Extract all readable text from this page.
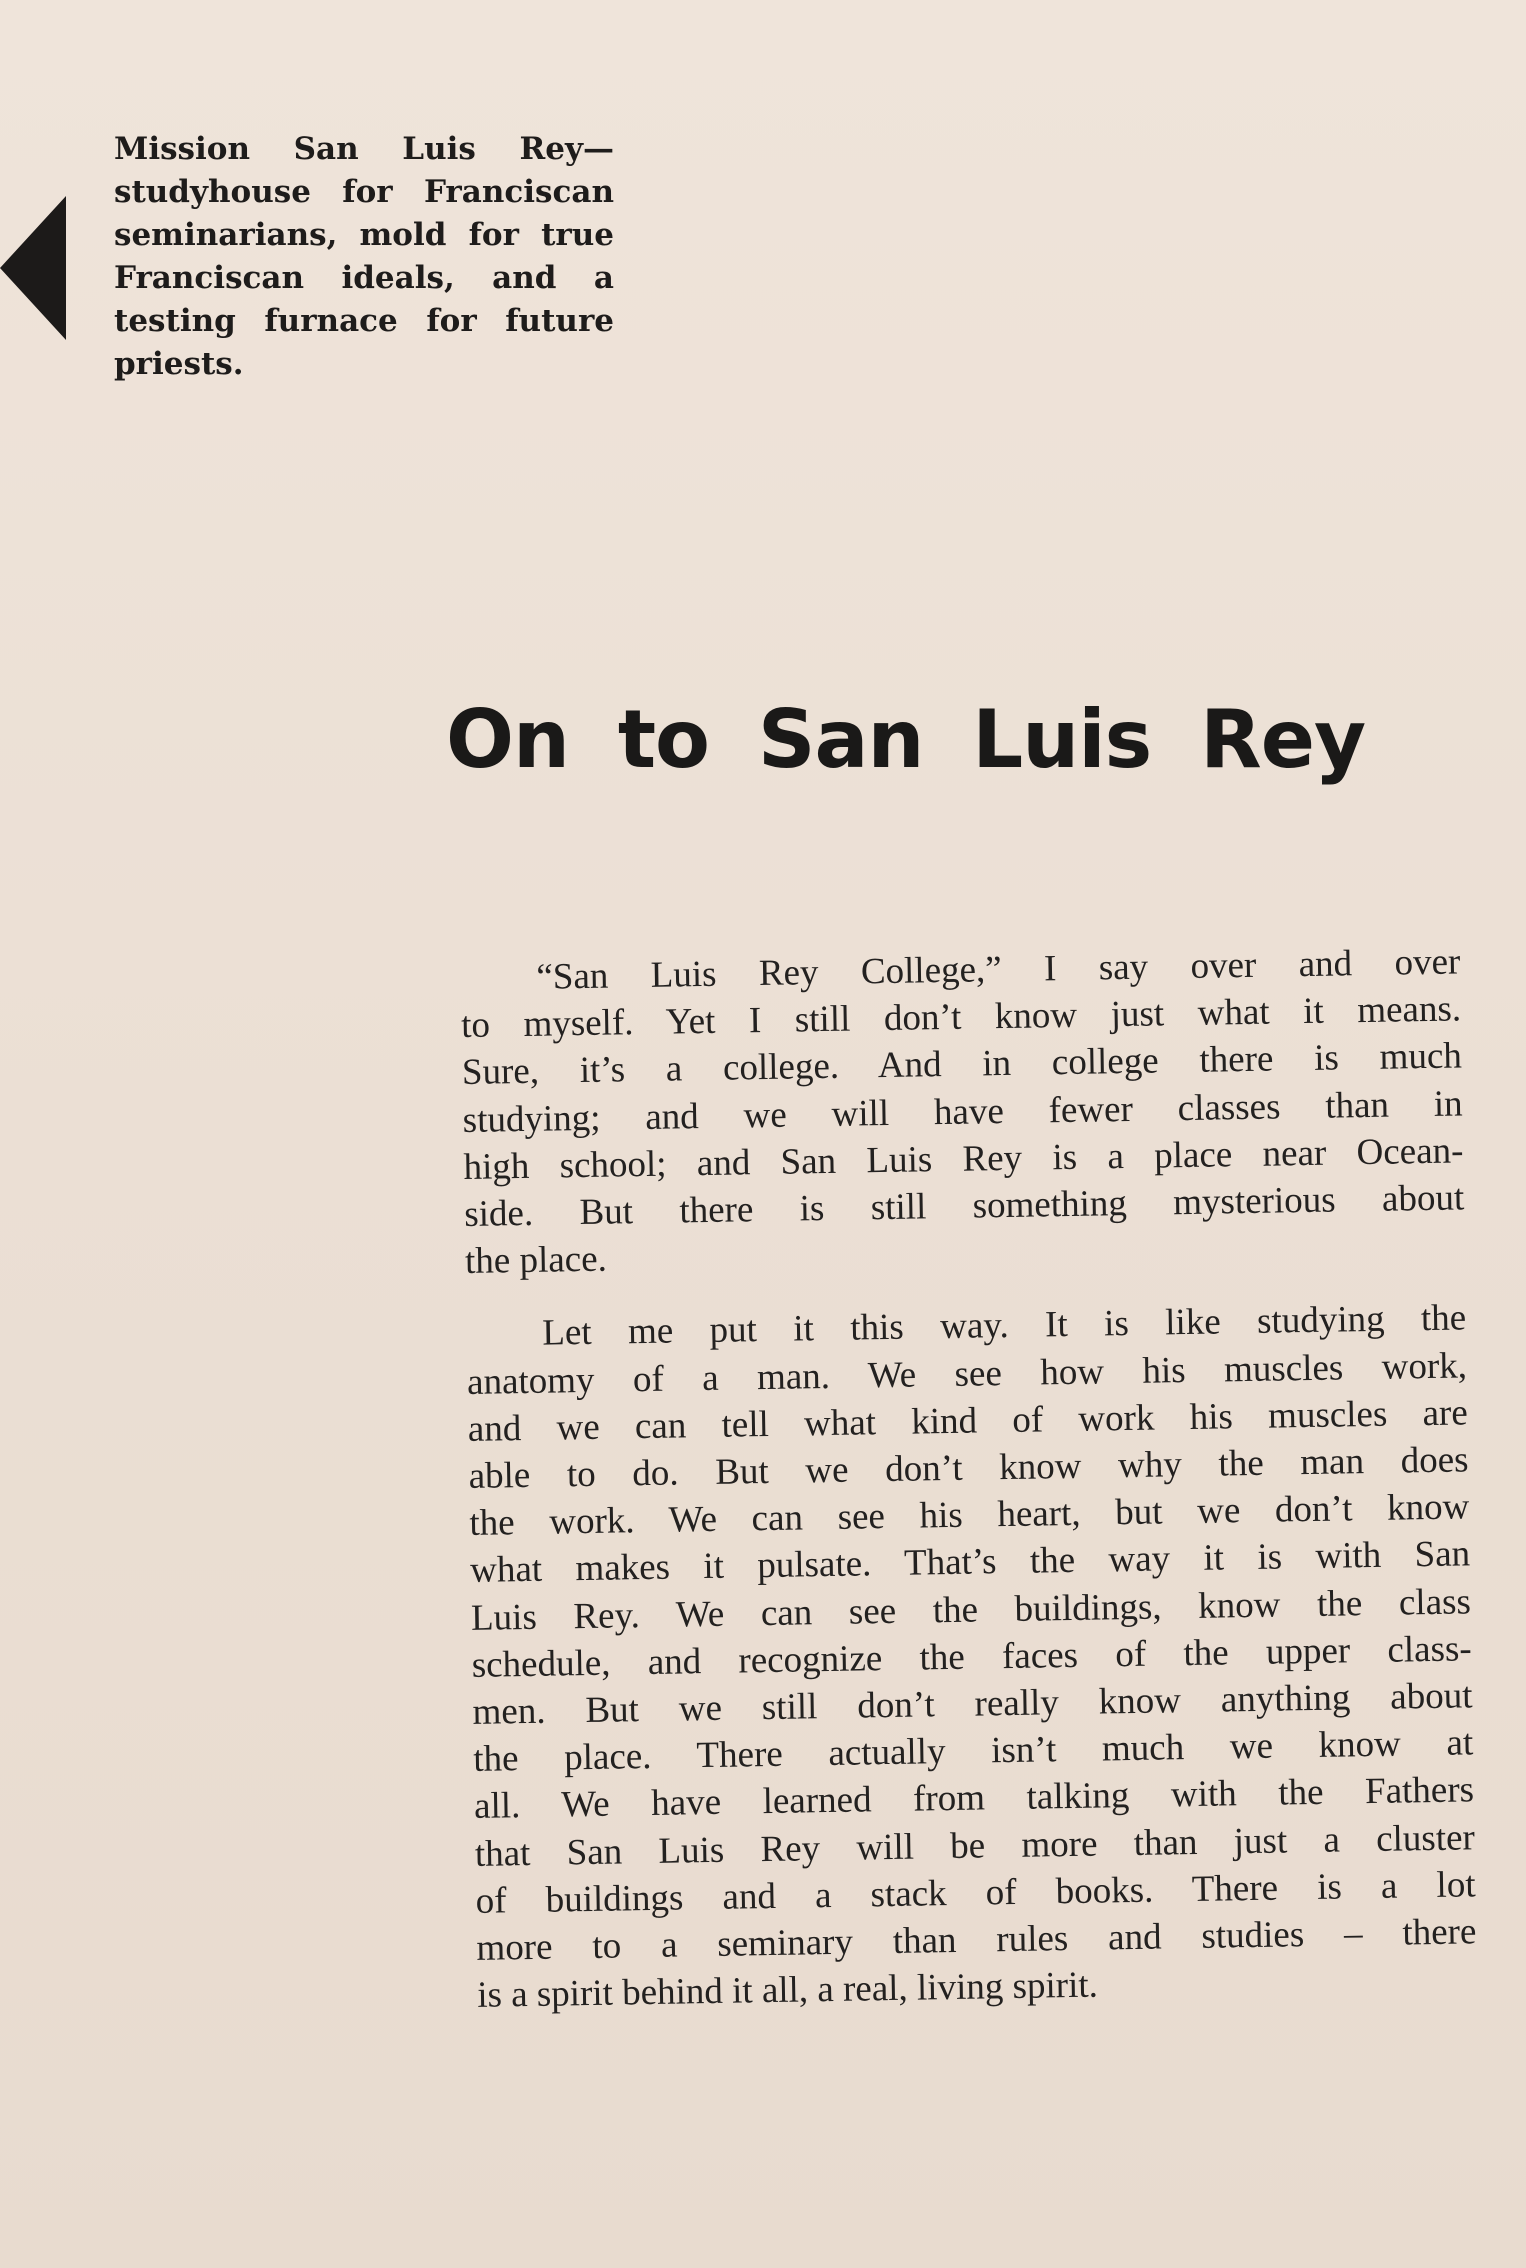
Mission San Luis Rey—
studyhouse for Franciscan
seminarians, mold for true
Franciscan ideals, and a
testing furnace for future
priests.

On to San Luis Rey

“San Luis Rey College,” I say over and over
to myself. Yet I still don’t know just what it means.
Sure, it’s a college. And in college there is much
studying; and we will have fewer classes than in
high school; and San Luis Rey is a place near Ocean-
side. But there is still something mysterious about
the place.

Let me put it this way. It is like studying the
anatomy of a man. We see how his muscles work,
and we can tell what kind of work his muscles are
able to do. But we don’t know why the man does
the work. We can see his heart, but we don’t know
what makes it pulsate. That’s the way it is with San
Luis Rey. We can see the buildings, know the class
schedule, and recognize the faces of the upper class-
men. But we still don’t really know anything about
the place. There actually isn’t much we know at
all. We have learned from talking with the Fathers
that San Luis Rey will be more than just a cluster
of buildings and a stack of books. There is a lot
more to a seminary than rules and studies – there
is a spirit behind it all, a real, living spirit.
